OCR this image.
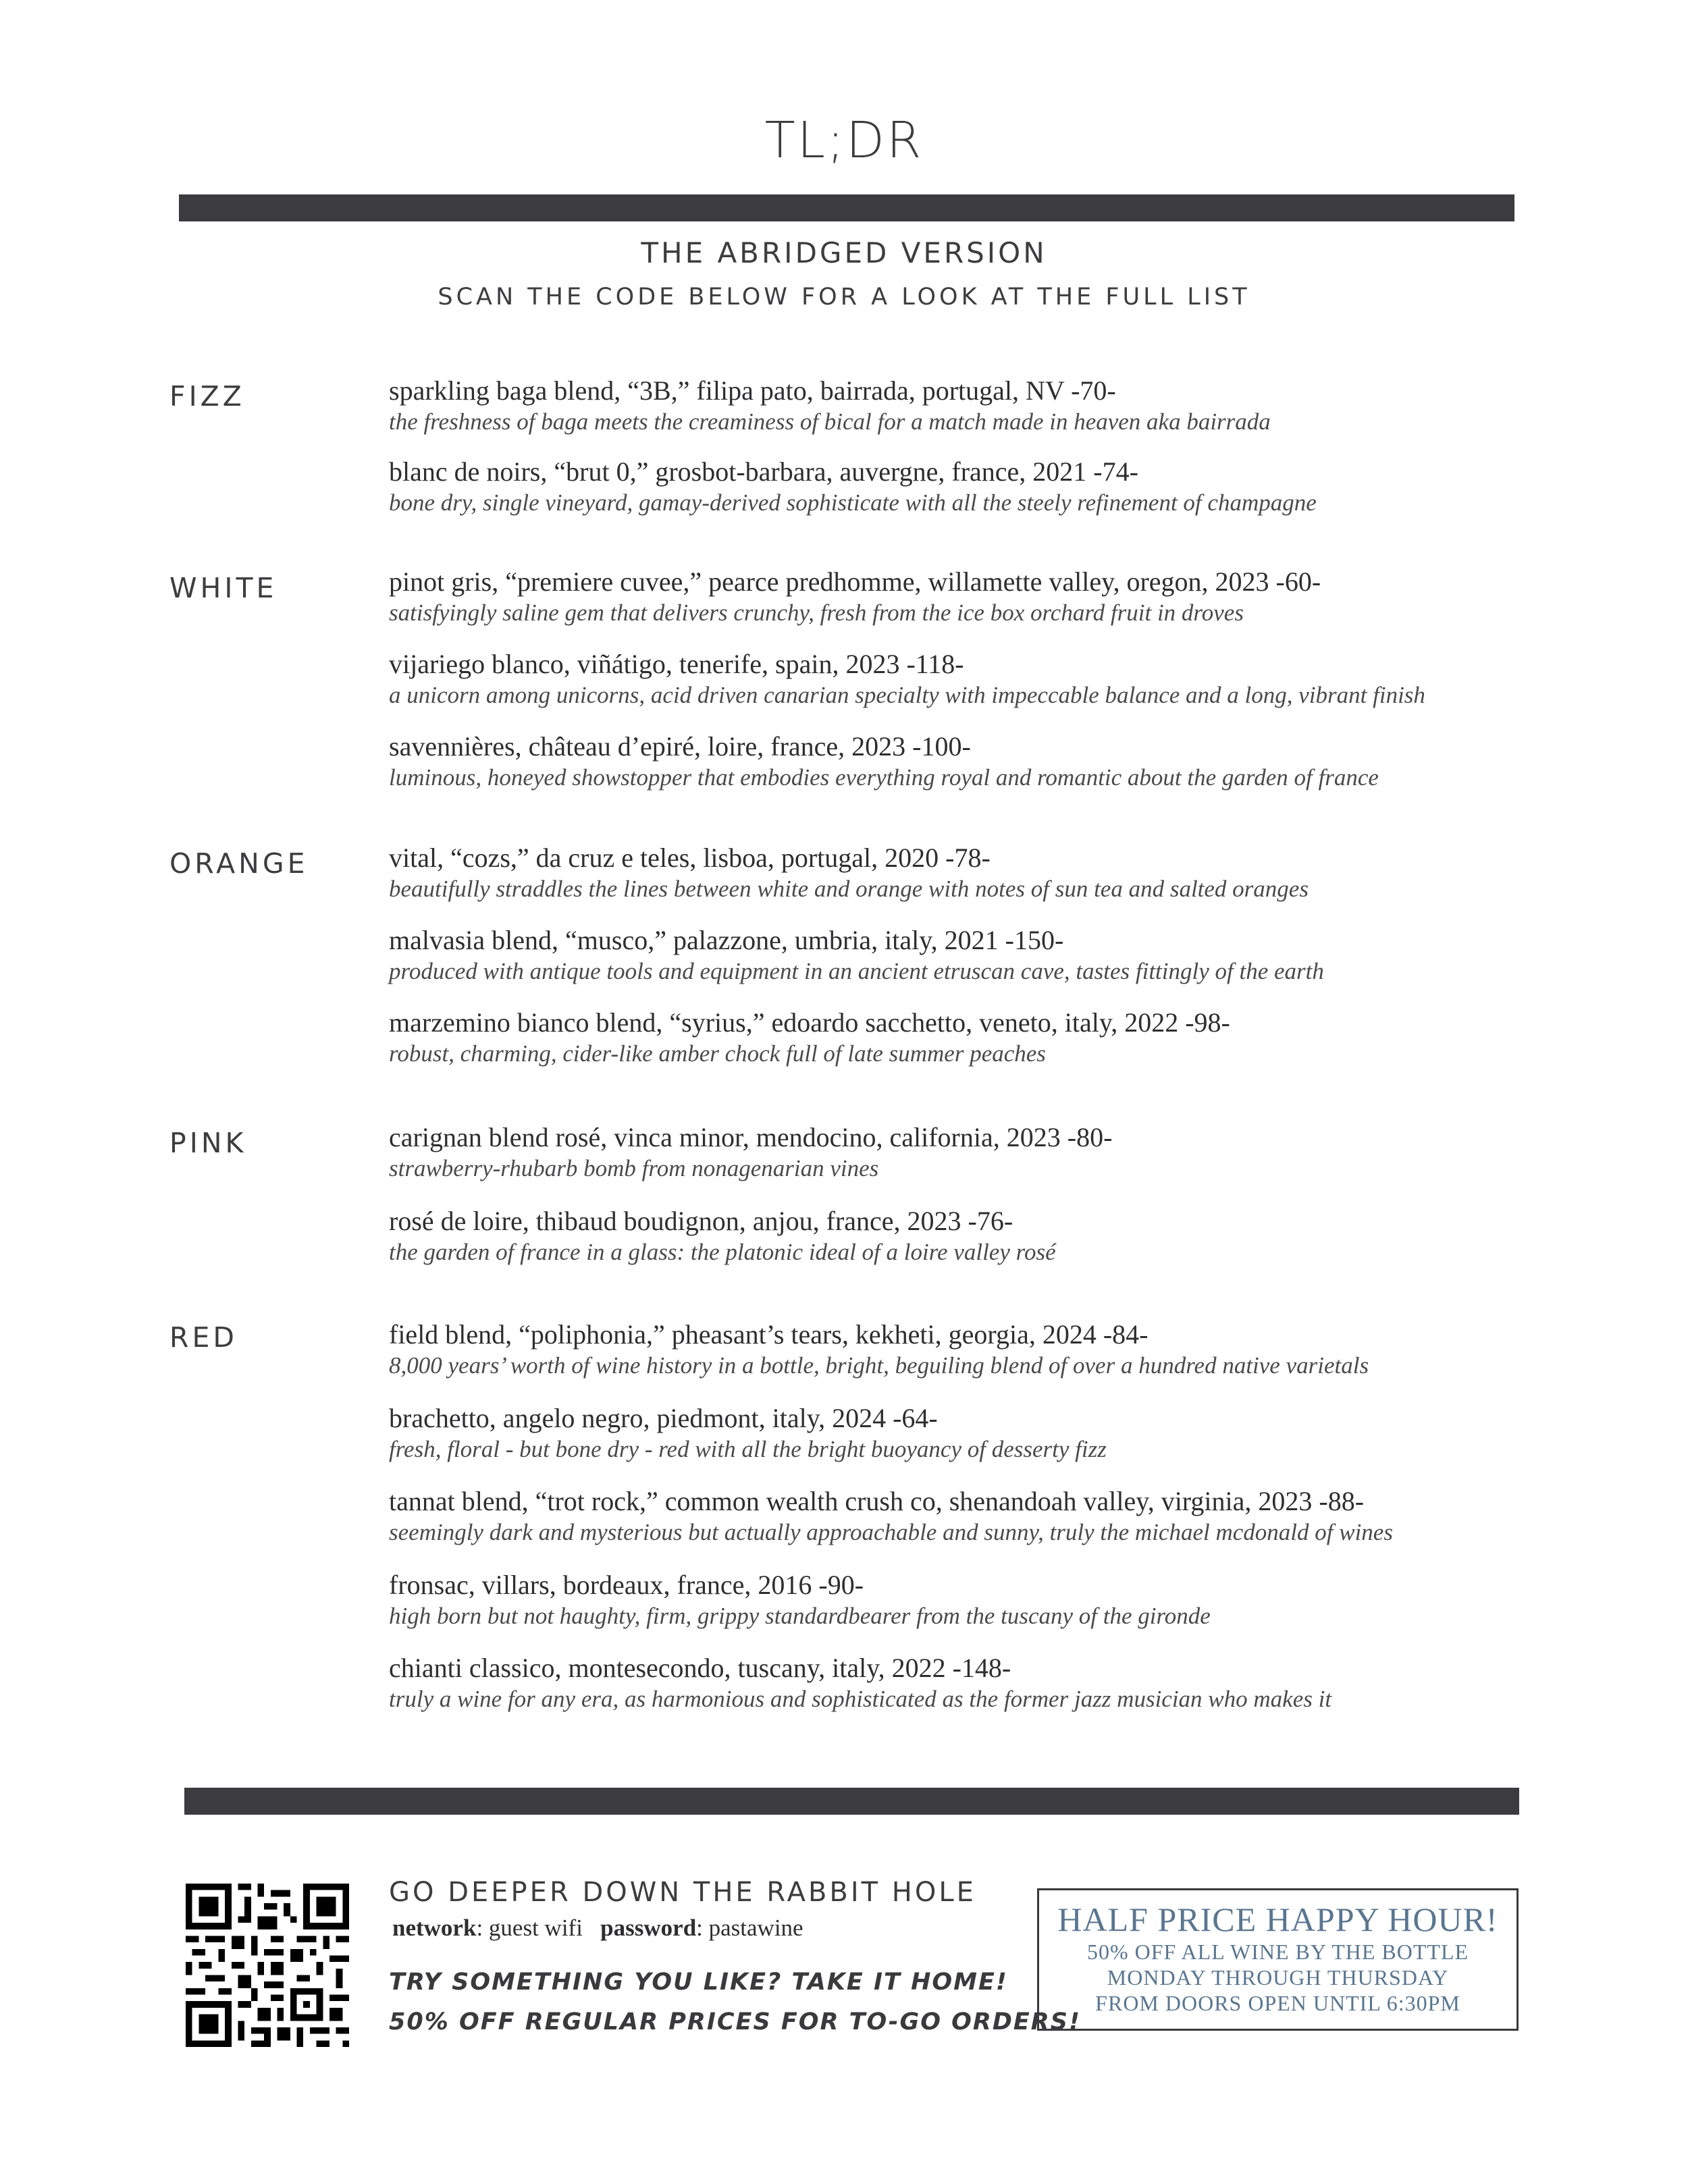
TL;DR
THE ABRIDGED VERSION
SCAN THE CODE BELOW FOR A LOOK AT THE FULL LIST
FIZZ	sparkling baga blend, “3B,” filipa pato, bairrada, portugal, NV -70-
the freshness of baga meets the creaminess of bical for a match made in heaven aka bairrada
blanc de noirs, “brut 0,” grosbot-barbara, auvergne, france, 2021 -74-
bone dry, single vineyard, gamay-derived sophisticate with all the steely refinement of champagne
WHITE	pinot gris, “premiere cuvee,” pearce predhomme, willamette valley, oregon, 2023 -60-
satisfyingly saline gem that delivers crunchy, fresh from the ice box orchard fruit in droves
vijariego blanco, viñátigo, tenerife, spain, 2023 -118-
a unicorn among unicorns, acid driven canarian specialty with impeccable balance and a long, vibrant finish
savennières, château d’epiré, loire, france, 2023 -100-
luminous, honeyed showstopper that embodies everything royal and romantic about the garden of france
ORANGE	vital, “cozs,” da cruz e teles, lisboa, portugal, 2020 -78-
beautifully straddles the lines between white and orange with notes of sun tea and salted oranges
malvasia blend, “musco,” palazzone, umbria, italy, 2021 -150-
produced with antique tools and equipment in an ancient etruscan cave, tastes fittingly of the earth
marzemino bianco blend, “syrius,” edoardo sacchetto, veneto, italy, 2022 -98-
robust, charming, cider-like amber chock full of late summer peaches
PINK	carignan blend rosé, vinca minor, mendocino, california, 2023 -80-
strawberry-rhubarb bomb from nonagenarian vines
rosé de loire, thibaud boudignon, anjou, france, 2023 -76-
the garden of france in a glass: the platonic ideal of a loire valley rosé
RED	field blend, “poliphonia,” pheasant’s tears, kekheti, georgia, 2024 -84-
8,000 years’ worth of wine history in a bottle, bright, beguiling blend of over a hundred native varietals
brachetto, angelo negro, piedmont, italy, 2024 -64-
fresh, floral - but bone dry - red with all the bright buoyancy of desserty fizz
tannat blend, “trot rock,” common wealth crush co, shenandoah valley, virginia, 2023 -88-
seemingly dark and mysterious but actually approachable and sunny, truly the michael mcdonald of wines
fronsac, villars, bordeaux, france, 2016 -90-
high born but not haughty, firm, grippy standardbearer from the tuscany of the gironde
chianti classico, montesecondo, tuscany, italy, 2022 -148-
truly a wine for any era, as harmonious and sophisticated as the former jazz musician who makes it
GO DEEPER DOWN THE RABBIT HOLE
network: guest wifi password: pastawine
TRY SOMETHING YOU LIKE? TAKE IT HOME!
50% OFF REGULAR PRICES FOR TO-GO ORDERS!
HALF PRICE HAPPY HOUR!
50% OFF ALL WINE BY THE BOTTLE
MONDAY THROUGH THURSDAY
FROM DOORS OPEN UNTIL 6:30PM
